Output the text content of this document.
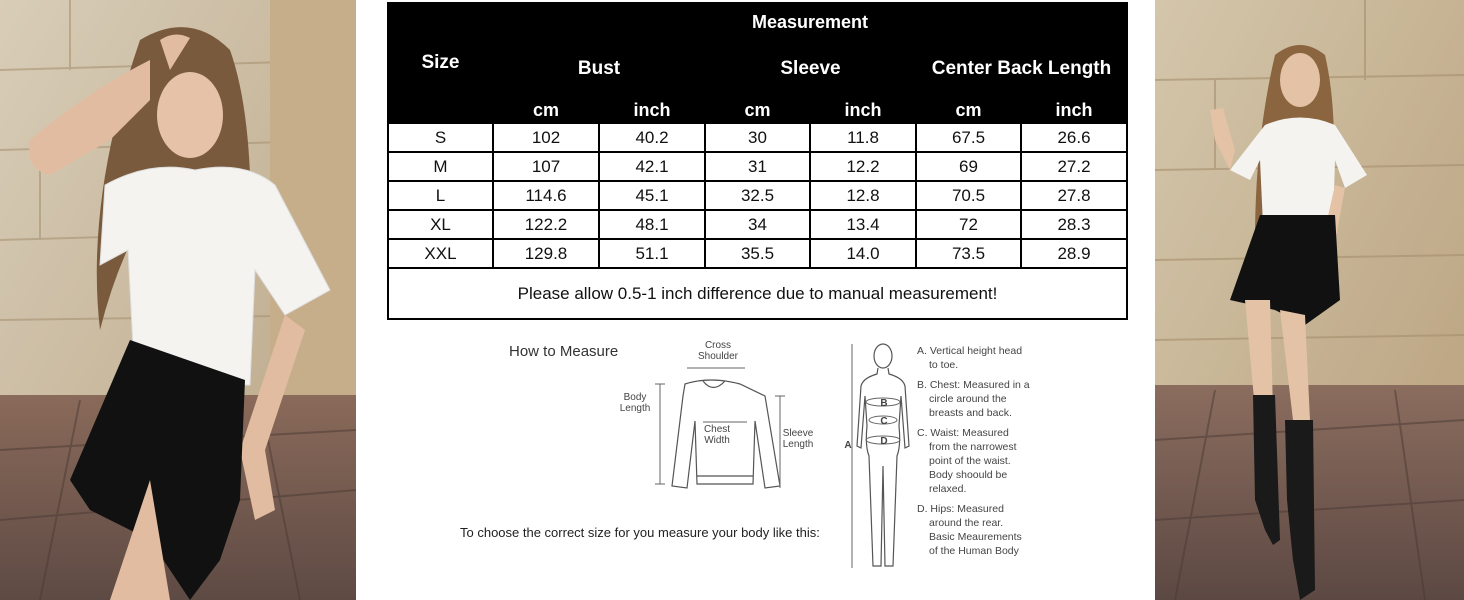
Size	Measurement					
	Bust		Sleeve		Center Back Length	
	cm	inch	cm	inch	cm	inch
S	102	40.2	30	11.8	67.5	26.6
M	107	42.1	31	12.2	69	27.2
L	114.6	45.1	32.5	12.8	70.5	27.8
XL	122.2	48.1	34	13.4	72	28.3
XXL	129.8	51.1	35.5	14.0	73.5	28.9
Please allow 0.5-1 inch difference due to manual measurement!						
How to Measure	Cross
Shoulder
Body
Length
Chest
Width
Sleeve
Length
To choose the correct size for you measure your body like this:
A
B
C
D
A. Vertical height head
to toe.
B. Chest: Measured in a
circle around the
breasts and back.
C. Waist: Measured
from the narrowest
point of the waist.
Body shoould be
relaxed.
D. Hips: Measured
around the rear.
Basic Meaurements
of the Human Body
